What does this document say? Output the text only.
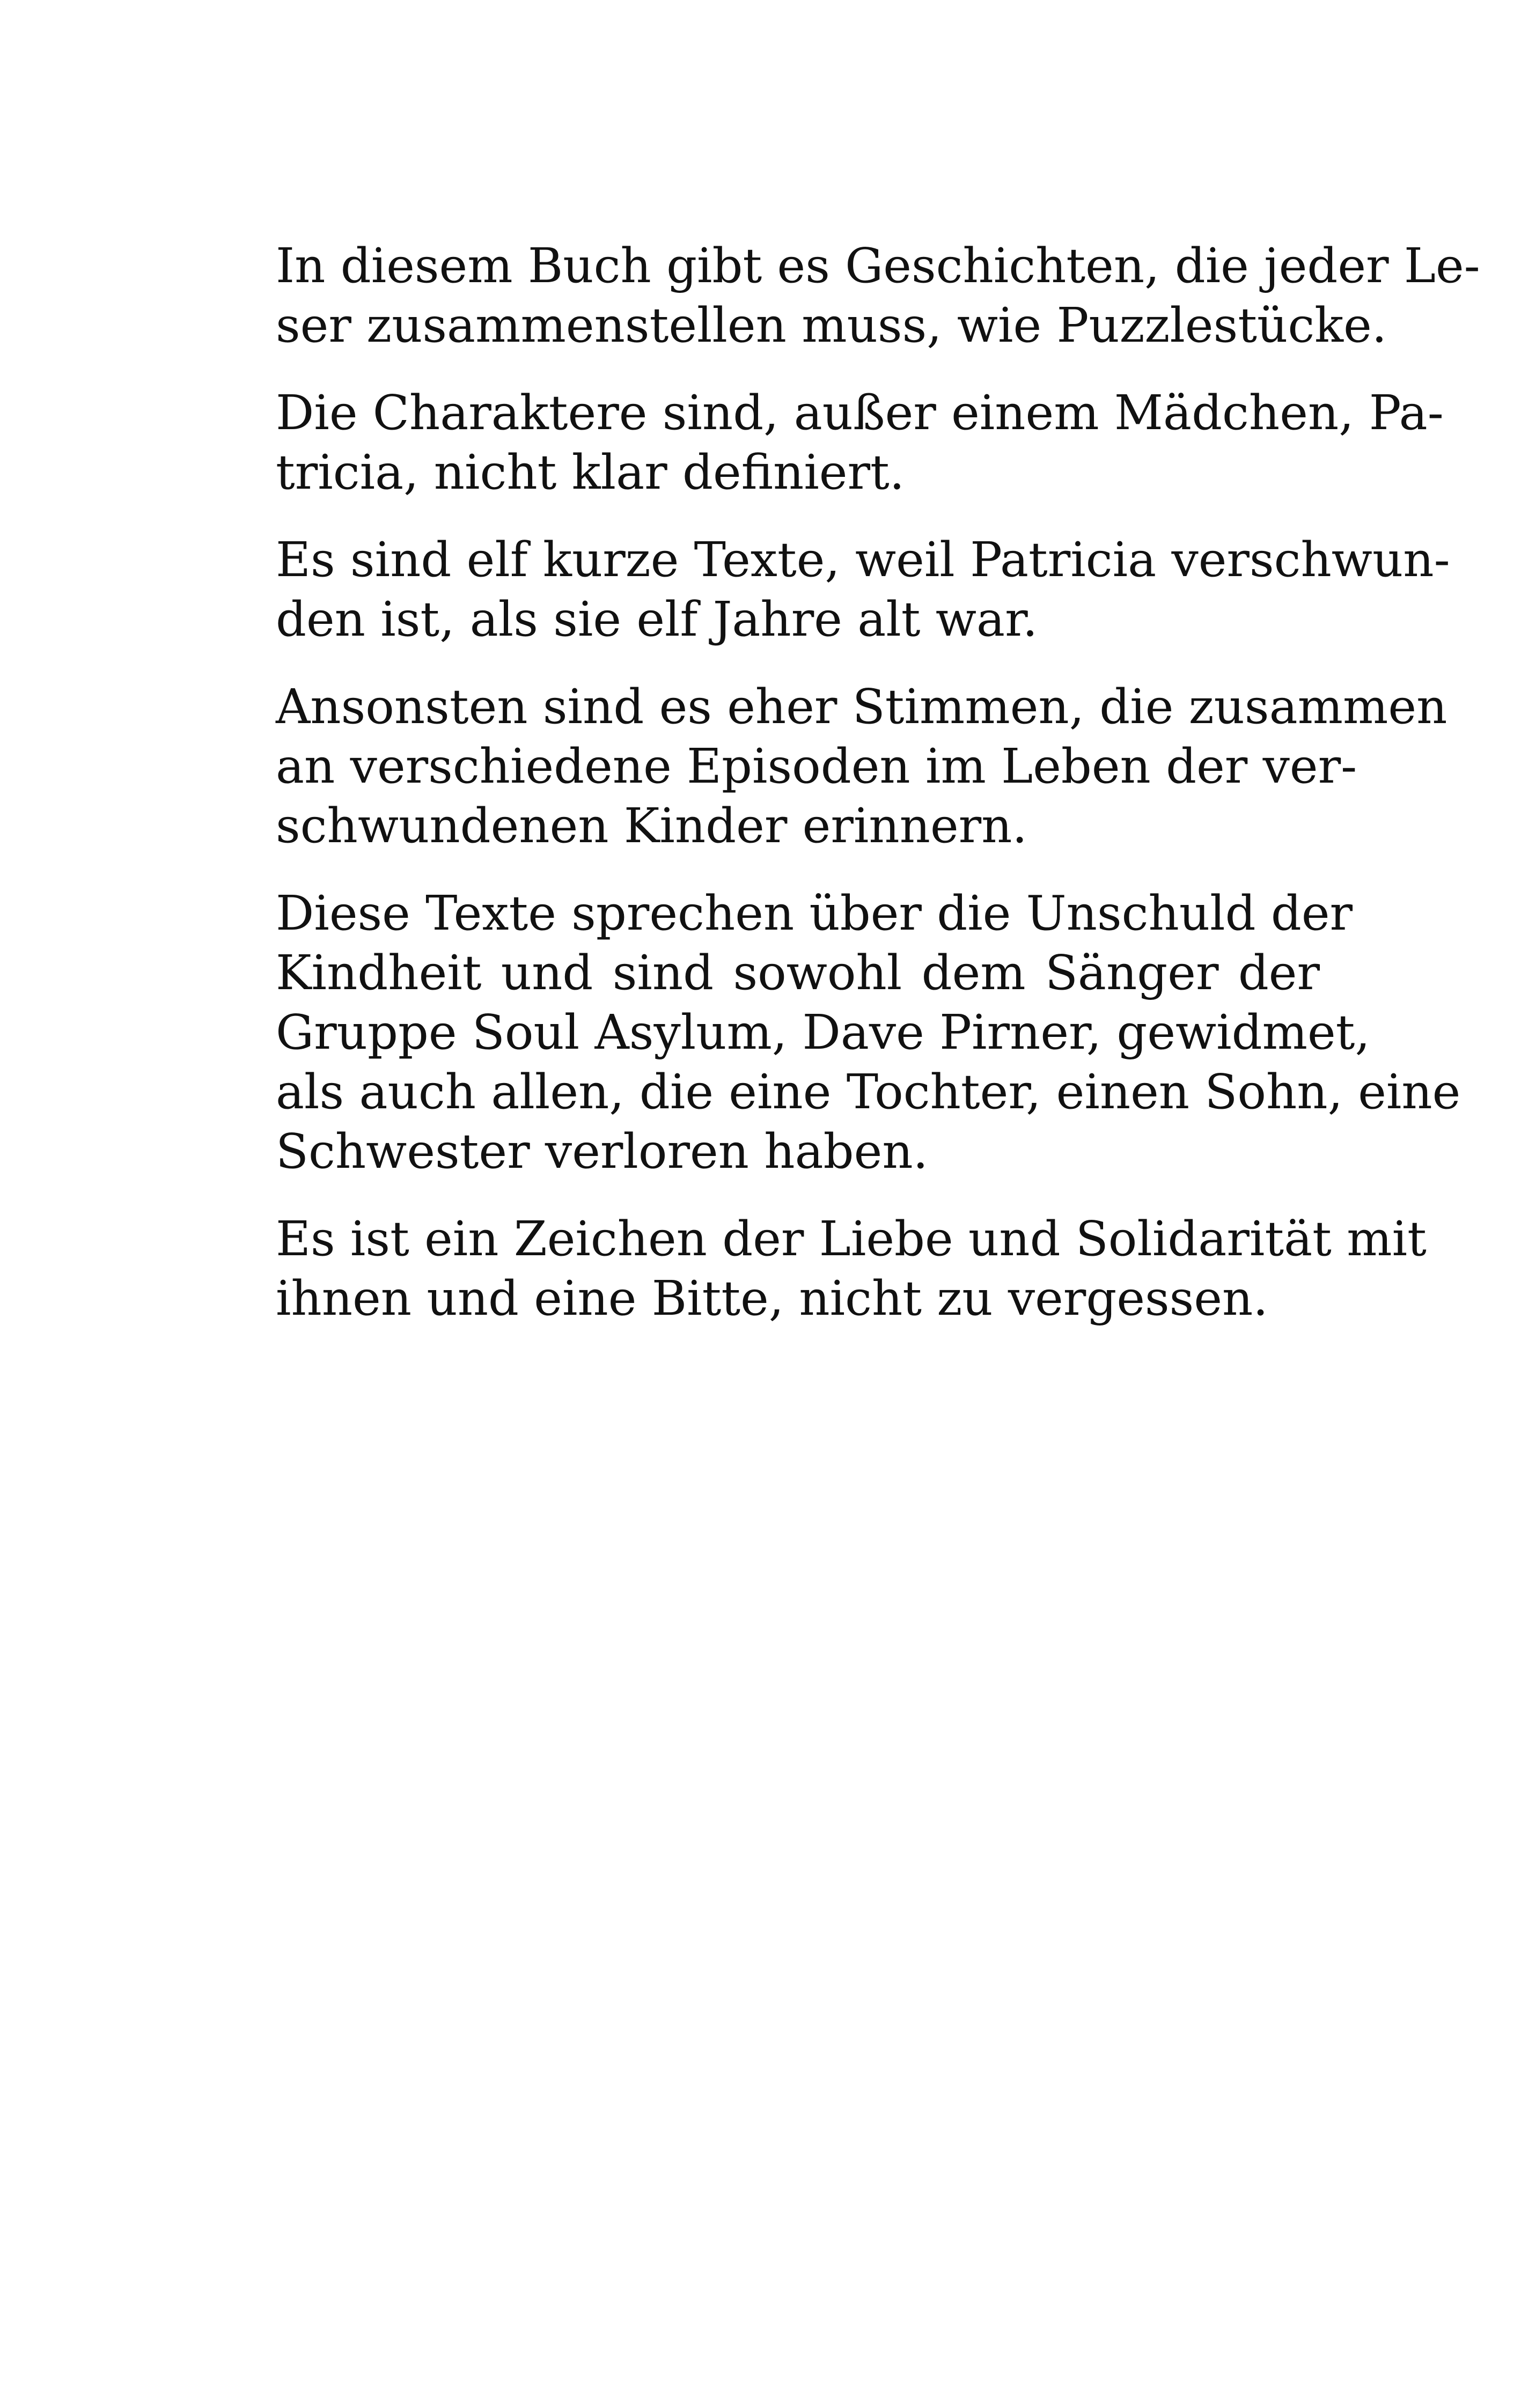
In diesem Buch gibt es Geschichten, die jeder Le-
ser zusammenstellen muss, wie Puzzlestücke.

Die Charaktere sind, außer einem Mädchen, Pa-
tricia, nicht klar definiert.

Es sind elf kurze Texte, weil Patricia verschwun-
den ist, als sie elf Jahre alt war.

Ansonsten sind es eher Stimmen, die zusammen
an verschiedene Episoden im Leben der ver-
schwundenen Kinder erinnern.

Diese Texte sprechen über die Unschuld der
Kindheit und sind sowohl dem Sänger der
Gruppe Soul Asylum, Dave Pirner, gewidmet,
als auch allen, die eine Tochter, einen Sohn, eine
Schwester verloren haben.

Es ist ein Zeichen der Liebe und Solidarität mit
ihnen und eine Bitte, nicht zu vergessen.
